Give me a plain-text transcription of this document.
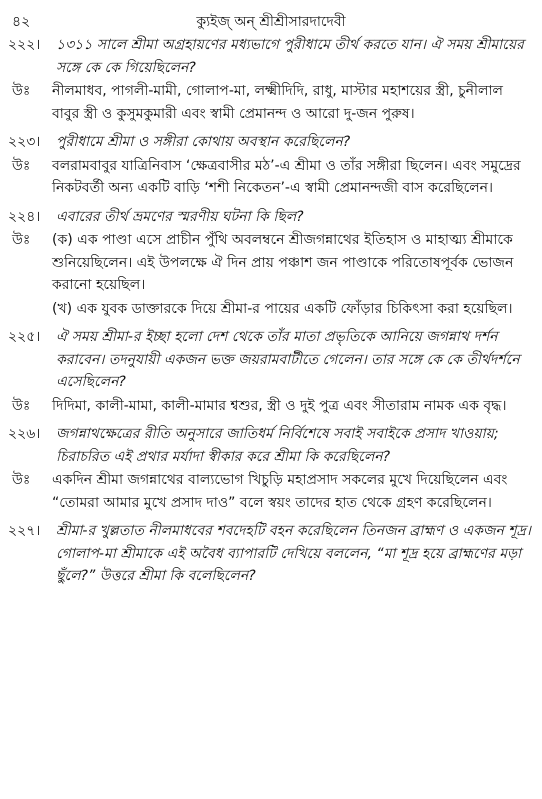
৪২	ক্যুইজ্ অন্ শ্রীশ্রীসারদাদেবী
২২২।	১৩১১ সালে শ্রীমা অগ্রহায়ণের মধ্যভাগে পুরীধামে তীর্থ করতে যান। ঐ সময় শ্রীমায়ের সঙ্গে কে কে গিয়েছিলেন?
উঃ	নীলমাধব, পাগলী-মামী, গোলাপ-মা, লক্ষ্মীদিদি, রাধু, মাস্টার মহাশয়ের স্ত্রী, চুনীলাল বাবুর স্ত্রী ও কুসুমকুমারী এবং স্বামী প্রেমানন্দ ও আরো দু-জন পুরুষ।
২২৩।	পুরীধামে শ্রীমা ও সঙ্গীরা কোথায় অবস্থান করেছিলেন?
উঃ	বলরামবাবুর যাত্রিনিবাস ‘ক্ষেত্রবাসীর মঠ’-এ শ্রীমা ও তাঁর সঙ্গীরা ছিলেন। এবং সমুদ্রের নিকটবর্তী অন্য একটি বাড়ি ‘শশী নিকেতন’-এ স্বামী প্রেমানন্দজী বাস করেছিলেন।
২২৪।	এবারের তীর্থ ভ্রমণের স্মরণীয় ঘটনা কি ছিল?
উঃ	(ক) এক পাণ্ডা এসে প্রাচীন পুঁথি অবলম্বনে শ্রীজগন্নাথের ইতিহাস ও মাহাত্ম্য শ্রীমাকে শুনিয়েছিলেন। এই উপলক্ষে ঐ দিন প্রায় পঞ্চাশ জন পাণ্ডাকে পরিতোষপূর্বক ভোজন করানো হয়েছিল।
(খ) এক যুবক ডাক্তারকে দিয়ে শ্রীমা-র পায়ের একটি ফোঁড়ার চিকিৎসা করা হয়েছিল।
২২৫।	ঐ সময় শ্রীমা-র ইচ্ছা হলো দেশ থেকে তাঁর মাতা প্রভৃতিকে আনিয়ে জগন্নাথ দর্শন করাবেন। তদনুযায়ী একজন ভক্ত জয়রামবাটীতে গেলেন। তার সঙ্গে কে কে তীর্থদর্শনে এসেছিলেন?
উঃ	দিদিমা, কালী-মামা, কালী-মামার শ্বশুর, স্ত্রী ও দুই পুত্র এবং সীতারাম নামক এক বৃদ্ধ।
২২৬।	জগন্নাথক্ষেত্রের রীতি অনুসারে জাতিধর্ম নির্বিশেষে সবাই সবাইকে প্রসাদ খাওয়ায়; চিরাচরিত এই প্রথার মর্যাদা স্বীকার করে শ্রীমা কি করেছিলেন?
উঃ	একদিন শ্রীমা জগন্নাথের বাল্যভোগ খিচুড়ি মহাপ্রসাদ সকলের মুখে দিয়েছিলেন এবং “তোমরা আমার মুখে প্রসাদ দাও” বলে স্বয়ং তাদের হাত থেকে গ্রহণ করেছিলেন।
২২৭।	শ্রীমা-র খুল্লতাত নীলমাধবের শবদেহটি বহন করেছিলেন তিনজন ব্রাহ্মণ ও একজন শূদ্র। গোলাপ-মা শ্রীমাকে এই অবৈধ ব্যাপারটি দেখিয়ে বললেন, “মা শূদ্র হয়ে ব্রাহ্মণের মড়া ছুঁলে?” উত্তরে শ্রীমা কি বলেছিলেন?
